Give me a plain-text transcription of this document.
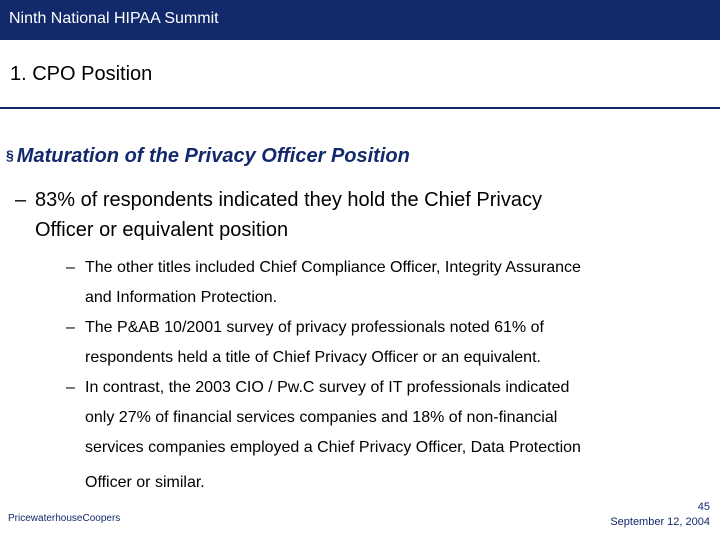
Ninth National HIPAA Summit
1. CPO Position
§ Maturation of the Privacy Officer Position
– 83% of respondents indicated they hold the Chief Privacy
Officer or equivalent position
– The other titles included Chief Compliance Officer, Integrity Assurance
and Information Protection.
– The P&AB 10/2001 survey of privacy professionals noted 61% of
respondents held a title of Chief Privacy Officer or an equivalent.
– In contrast, the 2003 CIO / Pw.C survey of IT professionals indicated
only 27% of financial services companies and 18% of non-financial
services companies employed a Chief Privacy Officer, Data Protection
Officer or similar.
PricewaterhouseCoopers
45
September 12, 2004
